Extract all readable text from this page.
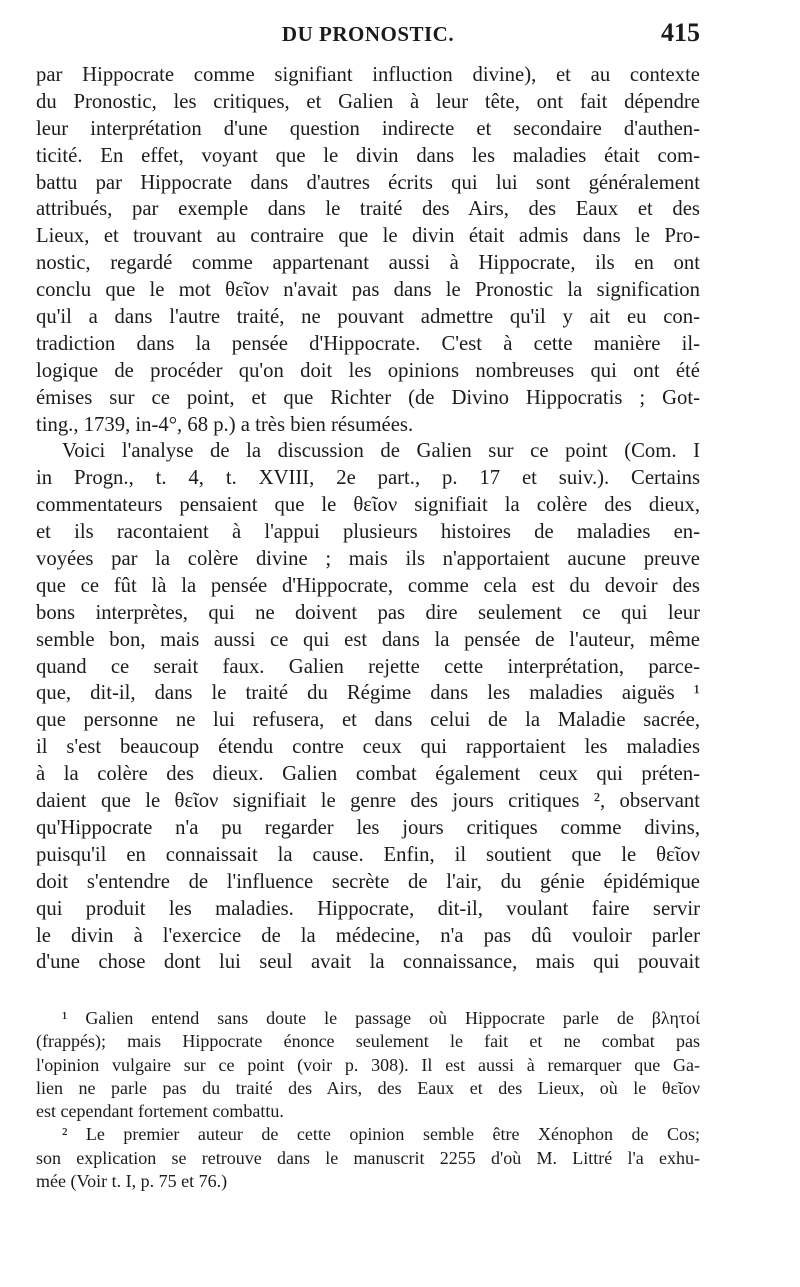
DU PRONOSTIC.	415
par Hippocrate comme signifiant influction divine), et au contexte
du Pronostic, les critiques, et Galien à leur tête, ont fait dépendre
leur interprétation d'une question indirecte et secondaire d'authen-
ticité. En effet, voyant que le divin dans les maladies était com-
battu par Hippocrate dans d'autres écrits qui lui sont généralement
attribués, par exemple dans le traité des Airs, des Eaux et des
Lieux, et trouvant au contraire que le divin était admis dans le Pro-
nostic, regardé comme appartenant aussi à Hippocrate, ils en ont
conclu que le mot θεῖον n'avait pas dans le Pronostic la signification
qu'il a dans l'autre traité, ne pouvant admettre qu'il y ait eu con-
tradiction dans la pensée d'Hippocrate. C'est à cette manière il-
logique de procéder qu'on doit les opinions nombreuses qui ont été
émises sur ce point, et que Richter (de Divino Hippocratis ; Got-
ting., 1739, in-4°, 68 p.) a très bien résumées.
Voici l'analyse de la discussion de Galien sur ce point (Com. I
in Progn., t. 4, t. XVIII, 2e part., p. 17 et suiv.). Certains
commentateurs pensaient que le θεῖον signifiait la colère des dieux,
et ils racontaient à l'appui plusieurs histoires de maladies en-
voyées par la colère divine ; mais ils n'apportaient aucune preuve
que ce fût là la pensée d'Hippocrate, comme cela est du devoir des
bons interprètes, qui ne doivent pas dire seulement ce qui leur
semble bon, mais aussi ce qui est dans la pensée de l'auteur, même
quand ce serait faux. Galien rejette cette interprétation, parce-
que, dit-il, dans le traité du Régime dans les maladies aiguës ¹
que personne ne lui refusera, et dans celui de la Maladie sacrée,
il s'est beaucoup étendu contre ceux qui rapportaient les maladies
à la colère des dieux. Galien combat également ceux qui préten-
daient que le θεῖον signifiait le genre des jours critiques ², observant
qu'Hippocrate n'a pu regarder les jours critiques comme divins,
puisqu'il en connaissait la cause. Enfin, il soutient que le θεῖον
doit s'entendre de l'influence secrète de l'air, du génie épidémique
qui produit les maladies. Hippocrate, dit-il, voulant faire servir
le divin à l'exercice de la médecine, n'a pas dû vouloir parler
d'une chose dont lui seul avait la connaissance, mais qui pouvait
¹ Galien entend sans doute le passage où Hippocrate parle de βλητοί
(frappés); mais Hippocrate énonce seulement le fait et ne combat pas
l'opinion vulgaire sur ce point (voir p. 308). Il est aussi à remarquer que Ga-
lien ne parle pas du traité des Airs, des Eaux et des Lieux, où le θεῖον
est cependant fortement combattu.
² Le premier auteur de cette opinion semble être Xénophon de Cos;
son explication se retrouve dans le manuscrit 2255 d'où M. Littré l'a exhu-
mée (Voir t. I, p. 75 et 76.)
